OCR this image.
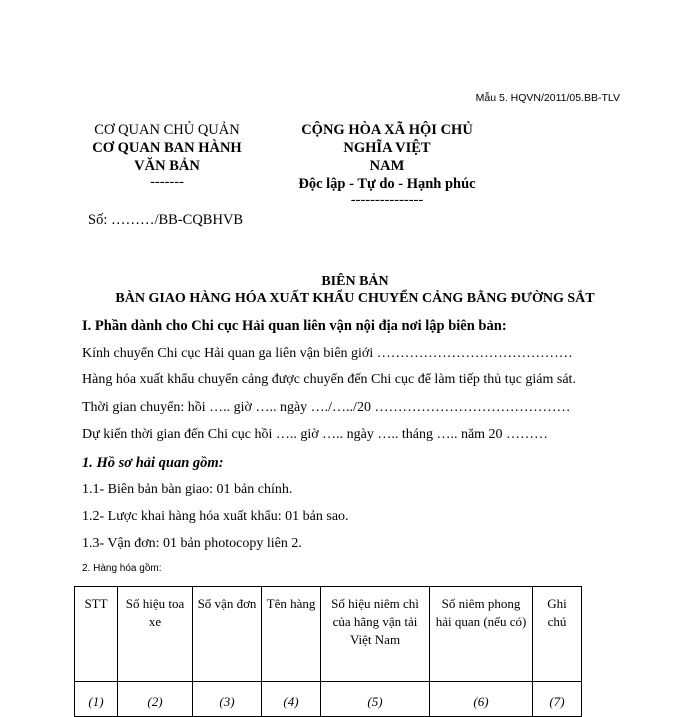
Mẫu 5. HQVN/2011/05.BB-TLV
CƠ QUAN CHỦ QUẢN
CƠ QUAN BAN HÀNH
VĂN BẢN
-------
CỘNG HÒA XÃ HỘI CHỦ NGHĨA VIỆT
NAM
Độc lập - Tự do - Hạnh phúc
---------------
Số: ………/BB-CQBHVB
BIÊN BẢN
BÀN GIAO HÀNG HÓA XUẤT KHẨU CHUYỂN CẢNG BẰNG ĐƯỜNG SẮT
I. Phần dành cho Chi cục Hải quan liên vận nội địa nơi lập biên bản:
Kính chuyển Chi cục Hải quan ga liên vận biên giới ……………………………………
Hàng hóa xuất khẩu chuyển cảng được chuyển đến Chi cục để làm tiếp thủ tục giám sát.
Thời gian chuyển: hồi ….. giờ ….. ngày …./…../20 ……………………………………
Dự kiến thời gian đến Chi cục hồi ….. giờ ….. ngày ….. tháng ….. năm 20 ………
1. Hồ sơ hải quan gồm:
1.1- Biên bản bàn giao: 01 bản chính.
1.2- Lược khai hàng hóa xuất khẩu: 01 bản sao.
1.3- Vận đơn: 01 bản photocopy liên 2.
2. Hàng hóa gồm:
STT	Số hiệu toa xe	Số vận đơn	Tên hàng	Số hiệu niêm chì của hãng vận tải Việt Nam	Số niêm phong hải quan (nếu có)	Ghi chú
(1)	(2)	(3)	(4)	(5)	(6)	(7)
